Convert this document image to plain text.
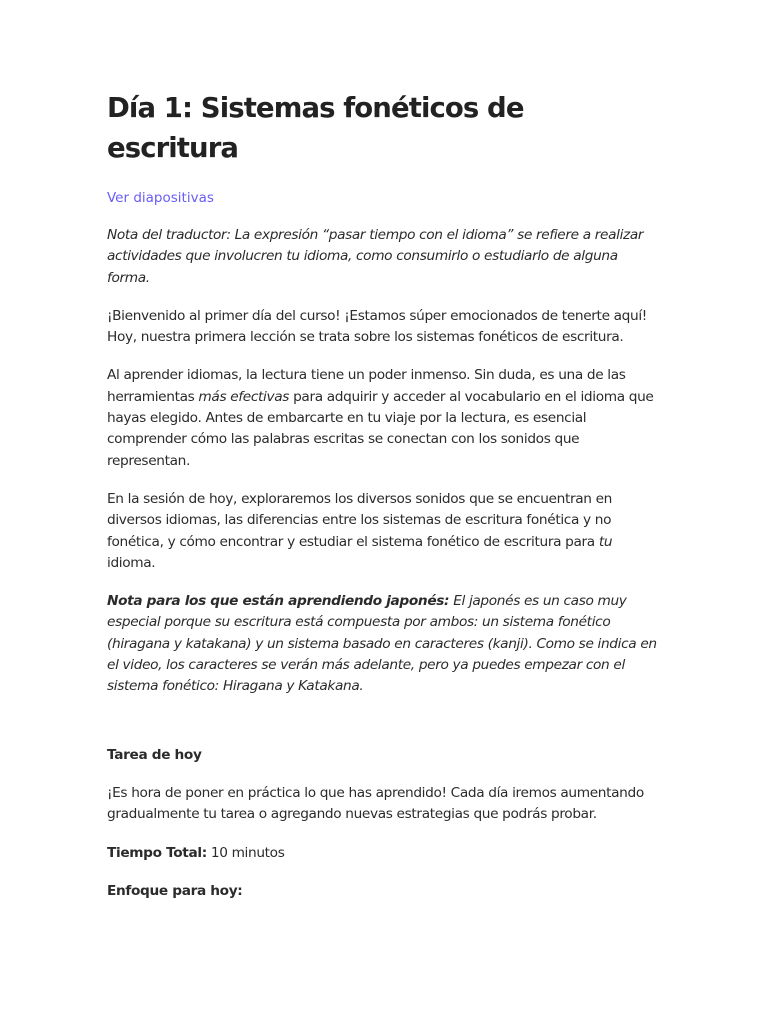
Día 1: Sistemas fonéticos de escritura
Ver diapositivas

Nota del traductor: La expresión “pasar tiempo con el idioma” se refiere a realizar actividades que involucren tu idioma, como consumirlo o estudiarlo de alguna forma.

¡Bienvenido al primer día del curso! ¡Estamos súper emocionados de tenerte aquí! Hoy, nuestra primera lección se trata sobre los sistemas fonéticos de escritura.

Al aprender idiomas, la lectura tiene un poder inmenso. Sin duda, es una de las herramientas más efectivas para adquirir y acceder al vocabulario en el idioma que hayas elegido. Antes de embarcarte en tu viaje por la lectura, es esencial comprender cómo las palabras escritas se conectan con los sonidos que representan.

En la sesión de hoy, exploraremos los diversos sonidos que se encuentran en diversos idiomas, las diferencias entre los sistemas de escritura fonética y no fonética, y cómo encontrar y estudiar el sistema fonético de escritura para tu idioma.

Nota para los que están aprendiendo japonés: El japonés es un caso muy especial porque su escritura está compuesta por ambos: un sistema fonético (hiragana y katakana) y un sistema basado en caracteres (kanji). Como se indica en el video, los caracteres se verán más adelante, pero ya puedes empezar con el sistema fonético: Hiragana y Katakana.

Tarea de hoy

¡Es hora de poner en práctica lo que has aprendido! Cada día iremos aumentando gradualmente tu tarea o agregando nuevas estrategias que podrás probar.

Tiempo Total: 10 minutos

Enfoque para hoy:
